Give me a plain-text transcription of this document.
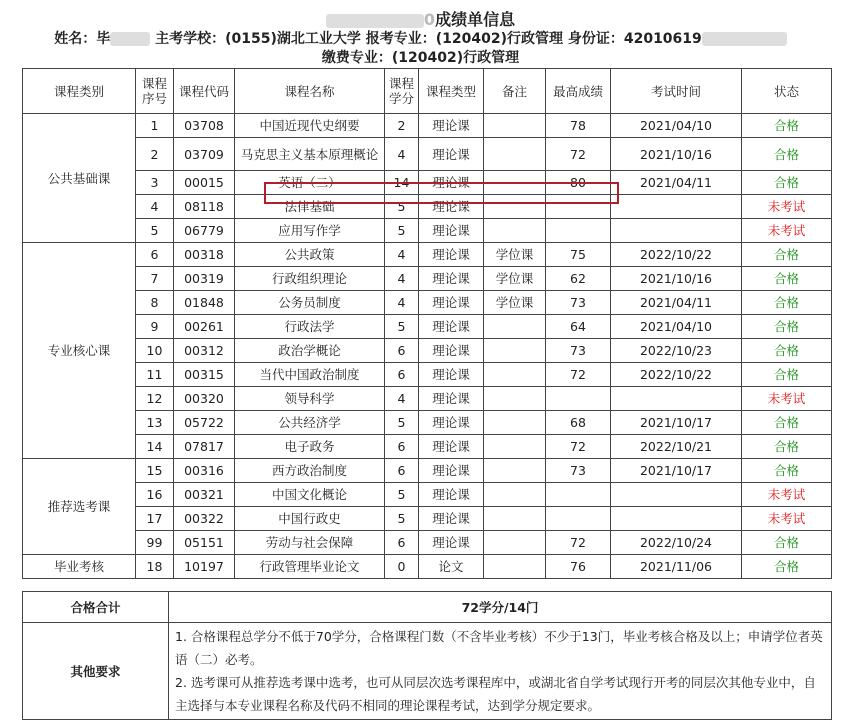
0成绩单信息
姓名：毕	主考学校：(0155)湖北工业大学 报考专业：(120402)行政管理 身份证：42010619
缴费专业：(120402)行政管理
课程类别	课程序号	课程代码	课程名称	课程学分	课程类型	备注	最高成绩	考试时间	状态
公共基础课	1	03708	中国近现代史纲要	2	理论课		78	2021/04/10	合格
	2	03709	马克思主义基本原理概论	4	理论课		72	2021/10/16	合格
	3	00015	英语（二）	14	理论课		80	2021/04/11	合格
	4	08118	法律基础	5	理论课				未考试
	5	06779	应用写作学	5	理论课				未考试
专业核心课	6	00318	公共政策	4	理论课	学位课	75	2022/10/22	合格
	7	00319	行政组织理论	4	理论课	学位课	62	2021/10/16	合格
	8	01848	公务员制度	4	理论课	学位课	73	2021/04/11	合格
	9	00261	行政法学	5	理论课		64	2021/04/10	合格
	10	00312	政治学概论	6	理论课		73	2022/10/23	合格
	11	00315	当代中国政治制度	6	理论课		72	2022/10/22	合格
	12	00320	领导科学	4	理论课				未考试
	13	05722	公共经济学	5	理论课		68	2021/10/17	合格
	14	07817	电子政务	6	理论课		72	2022/10/21	合格
推荐选考课	15	00316	西方政治制度	6	理论课		73	2021/10/17	合格
	16	00321	中国文化概论	5	理论课				未考试
	17	00322	中国行政史	5	理论课				未考试
	99	05151	劳动与社会保障	6	理论课		72	2022/10/24	合格
毕业考核	18	10197	行政管理毕业论文	0	论文		76	2021/11/06	合格
合格合计	72学分/14门
其他要求	1. 合格课程总学分不低于70学分，合格课程门数（不含毕业考核）不少于13门，毕业考核合格及以上；申请学位者英语（二）必考。
2. 选考课可从推荐选考课中选考，也可从同层次选考课程库中，或湖北省自学考试现行开考的同层次其他专业中，自主选择与本专业课程名称及代码不相同的理论课程考试，达到学分规定要求。
